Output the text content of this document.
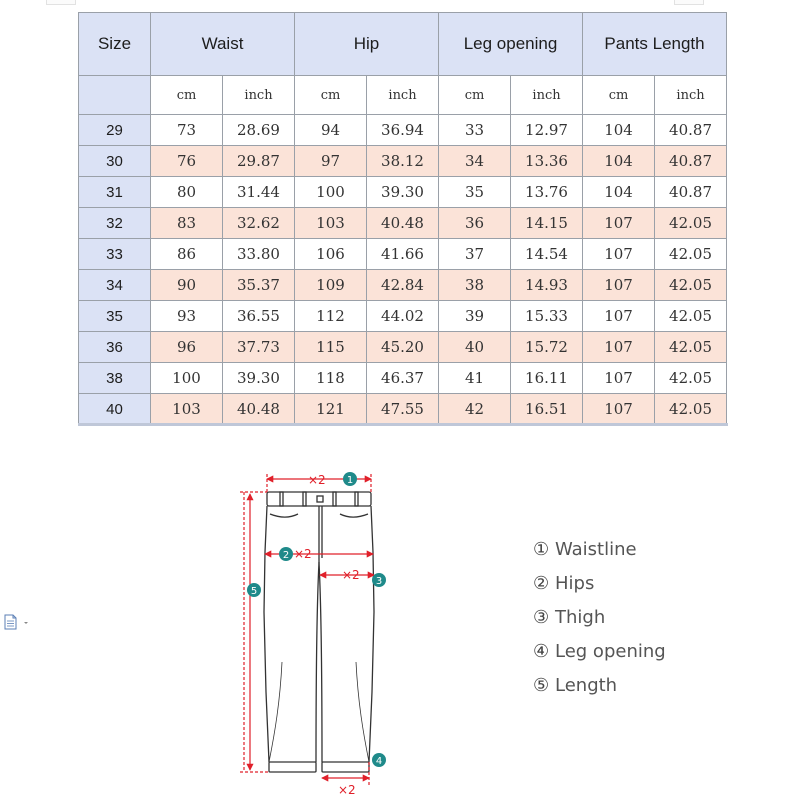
Size	Waist		Hip		Leg opening		Pants Length	
	cm	inch	cm	inch	cm	inch	cm	inch
29	73	28.69	94	36.94	33	12.97	104	40.87
30	76	29.87	97	38.12	34	13.36	104	40.87
31	80	31.44	100	39.30	35	13.76	104	40.87
32	83	32.62	103	40.48	36	14.15	107	42.05
33	86	33.80	106	41.66	37	14.54	107	42.05
34	90	35.37	109	42.84	38	14.93	107	42.05
35	93	36.55	112	44.02	39	15.33	107	42.05
36	96	37.73	115	45.20	40	15.72	107	42.05
38	100	39.30	118	46.37	41	16.11	107	42.05
40	103	40.48	121	47.55	42	16.51	107	42.05
×2
×2
×2
×2
1
2
3
4
5
① Waistline
② Hips
③ Thigh
④ Leg opening
⑤ Length
